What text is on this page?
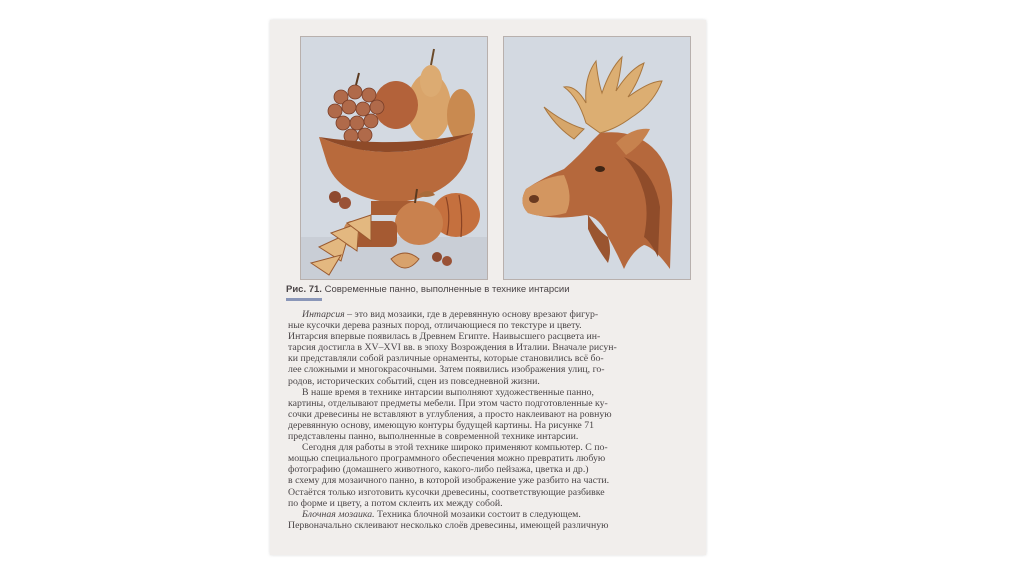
Рис. 71. Современные панно, выполненные в технике интарсии
Интарсия – это вид мозаики, где в деревянную основу врезают фигур-
ные кусочки дерева разных пород, отличающиеся по текстуре и цвету.
Интарсия впервые появилась в Древнем Египте. Наивысшего расцвета ин-
тарсия достигла в XV–XVI вв. в эпоху Возрождения в Италии. Вначале рисун-
ки представляли собой различные орнаменты, которые становились всё бо-
лее сложными и многокрасочными. Затем появились изображения улиц, го-
родов, исторических событий, сцен из повседневной жизни.
В наше время в технике интарсии выполняют художественные панно,
картины, отделывают предметы мебели. При этом часто подготовленные ку-
сочки древесины не вставляют в углубления, а просто наклеивают на ровную
деревянную основу, имеющую контуры будущей картины. На рисунке 71
представлены панно, выполненные в современной технике интарсии.
Сегодня для работы в этой технике широко применяют компьютер. С по-
мощью специального программного обеспечения можно превратить любую
фотографию (домашнего животного, какого-либо пейзажа, цветка и др.)
в схему для мозаичного панно, в которой изображение уже разбито на части.
Остаётся только изготовить кусочки древесины, соответствующие разбивке
по форме и цвету, а потом склеить их между собой.
Блочная мозаика. Техника блочной мозаики состоит в следующем.
Первоначально склеивают несколько слоёв древесины, имеющей различную
